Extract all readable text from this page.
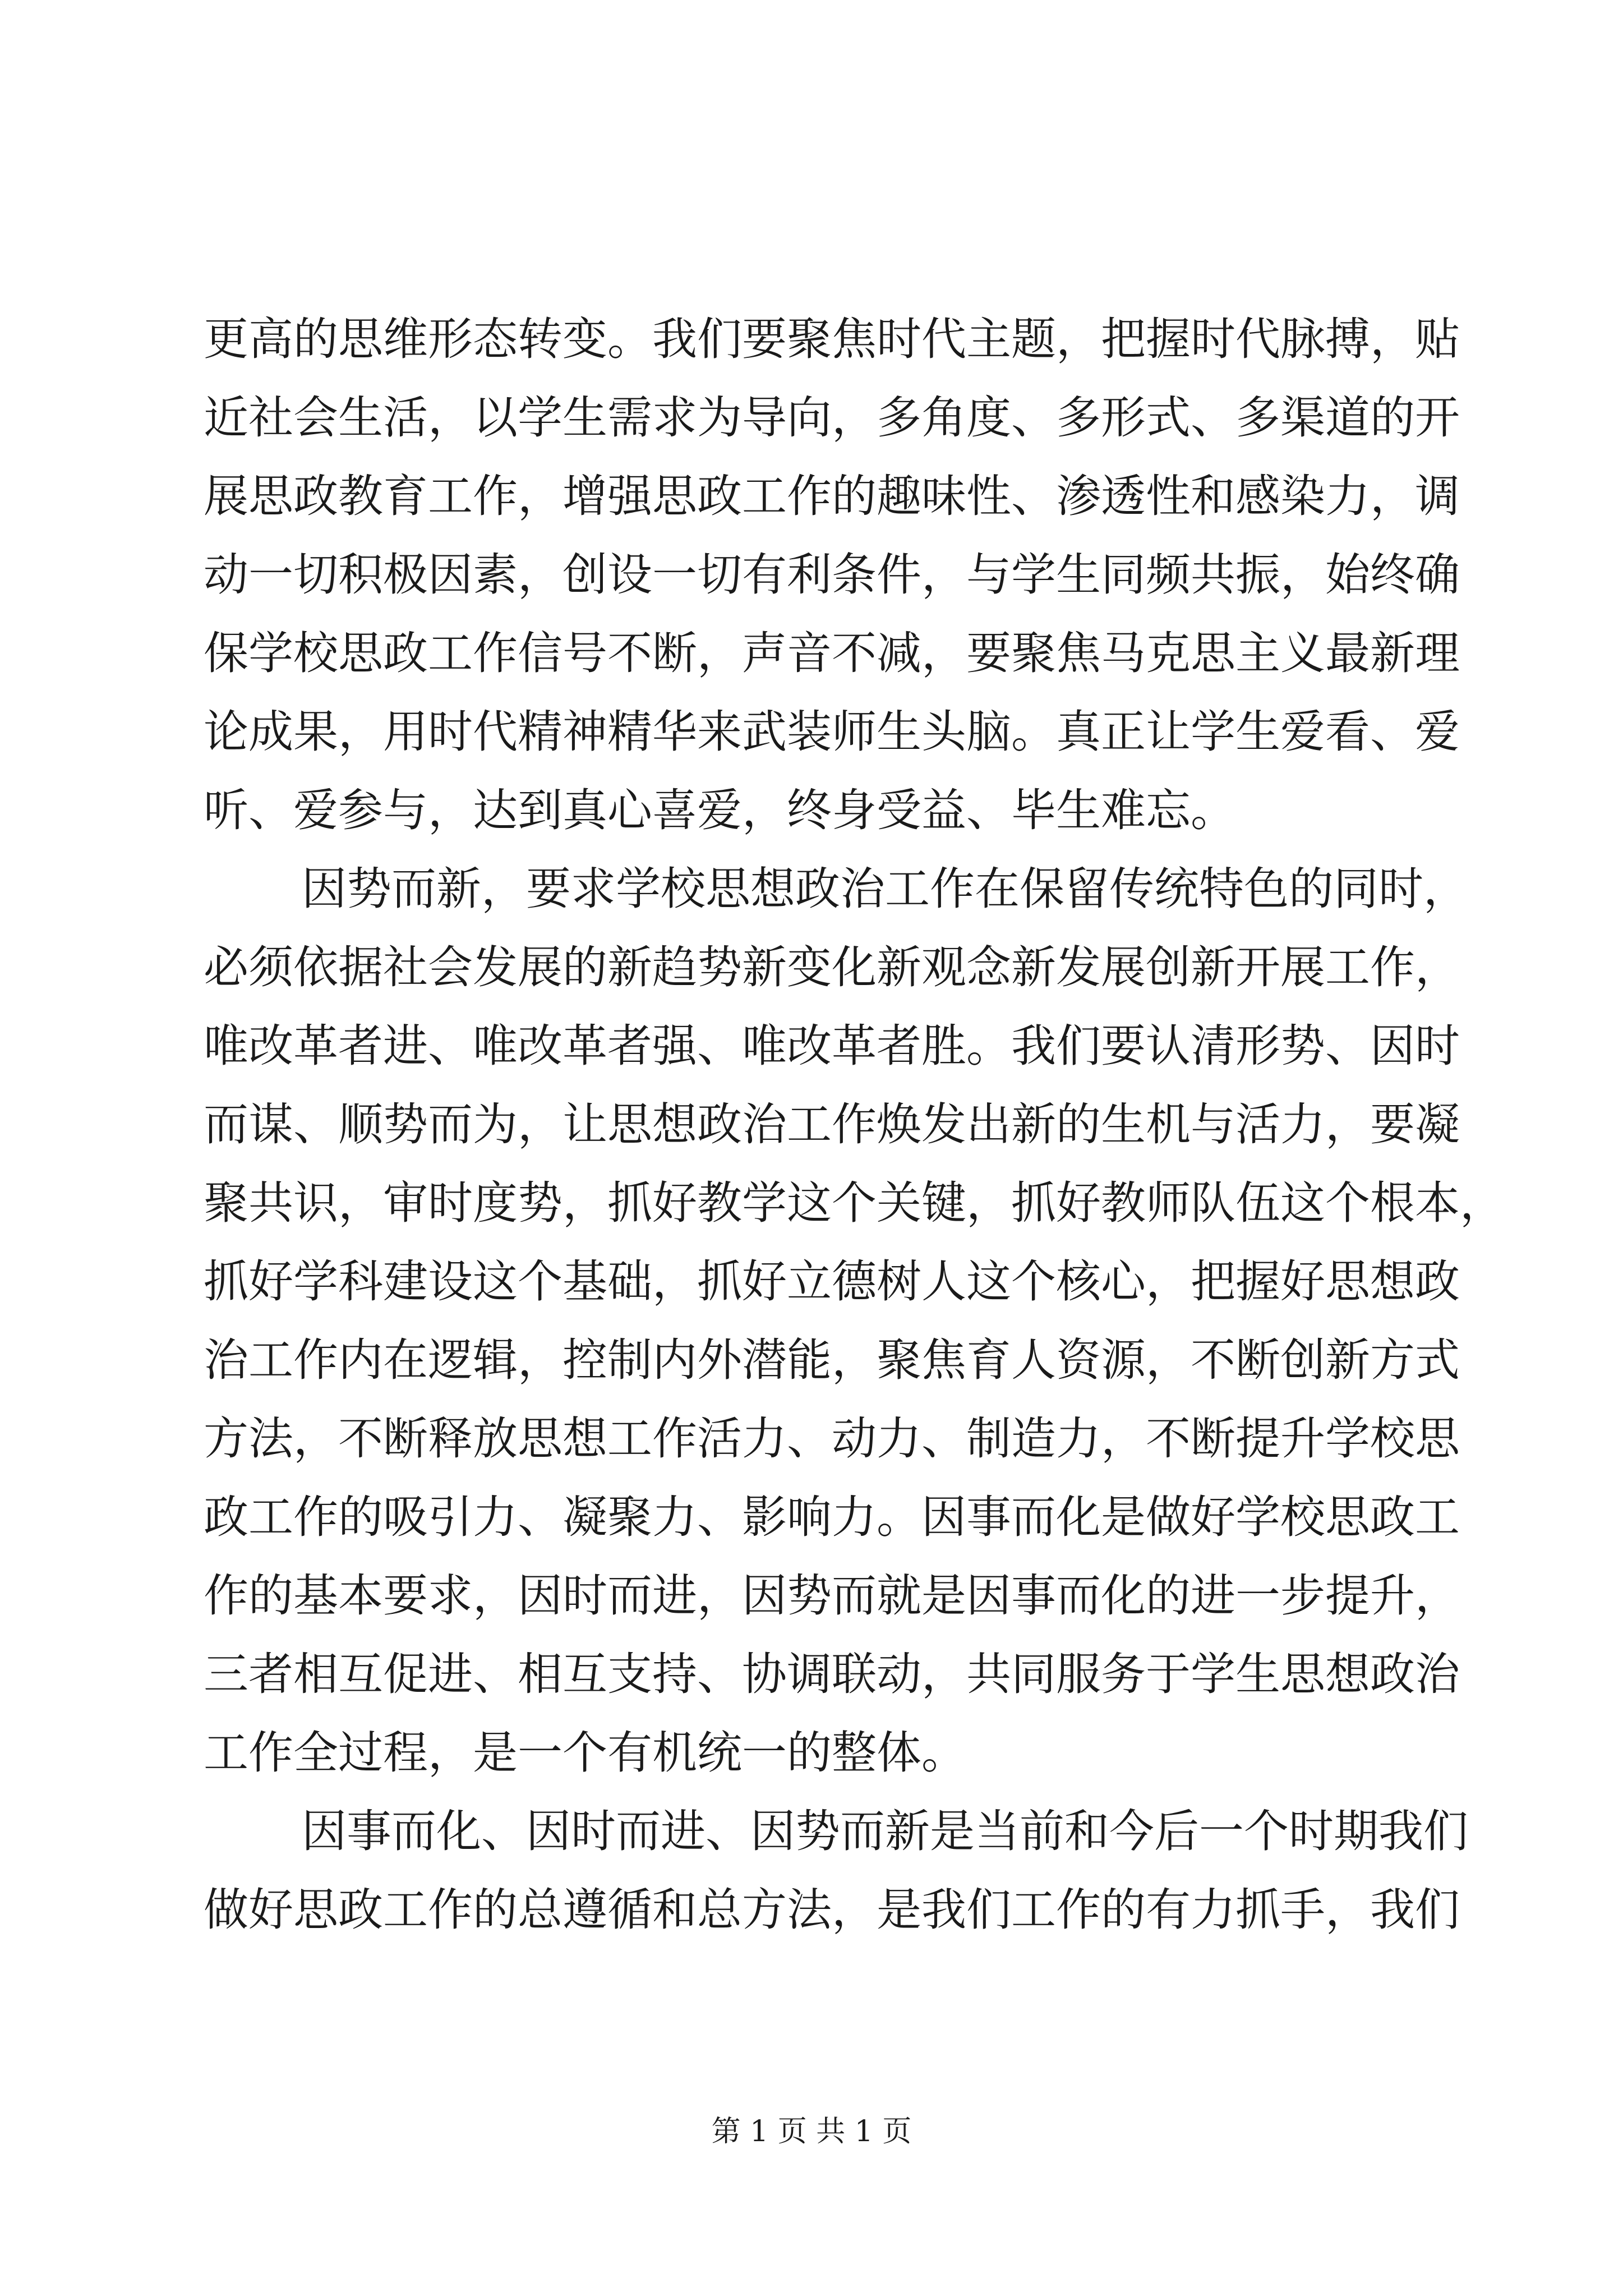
更高的思维形态转变。我们要聚焦时代主题，把握时代脉搏，贴
近社会生活，以学生需求为导向，多角度、多形式、多渠道的开
展思政教育工作，增强思政工作的趣味性、渗透性和感染力，调
动一切积极因素，创设一切有利条件，与学生同频共振，始终确
保学校思政工作信号不断，声音不减，要聚焦马克思主义最新理
论成果，用时代精神精华来武装师生头脑。真正让学生爱看、爱
听、爱参与，达到真心喜爱，终身受益、毕生难忘。
因势而新，要求学校思想政治工作在保留传统特色的同时，
必须依据社会发展的新趋势新变化新观念新发展创新开展工作，
唯改革者进、唯改革者强、唯改革者胜。我们要认清形势、因时
而谋、顺势而为，让思想政治工作焕发出新的生机与活力，要凝
聚共识，审时度势，抓好教学这个关键，抓好教师队伍这个根本，
抓好学科建设这个基础，抓好立德树人这个核心，把握好思想政
治工作内在逻辑，控制内外潜能，聚焦育人资源，不断创新方式
方法，不断释放思想工作活力、动力、制造力，不断提升学校思
政工作的吸引力、凝聚力、影响力。因事而化是做好学校思政工
作的基本要求，因时而进，因势而就是因事而化的进一步提升，
三者相互促进、相互支持、协调联动，共同服务于学生思想政治
工作全过程，是一个有机统一的整体。
因事而化、因时而进、因势而新是当前和今后一个时期我们
做好思政工作的总遵循和总方法，是我们工作的有力抓手，我们
第 1 页 共 1 页
